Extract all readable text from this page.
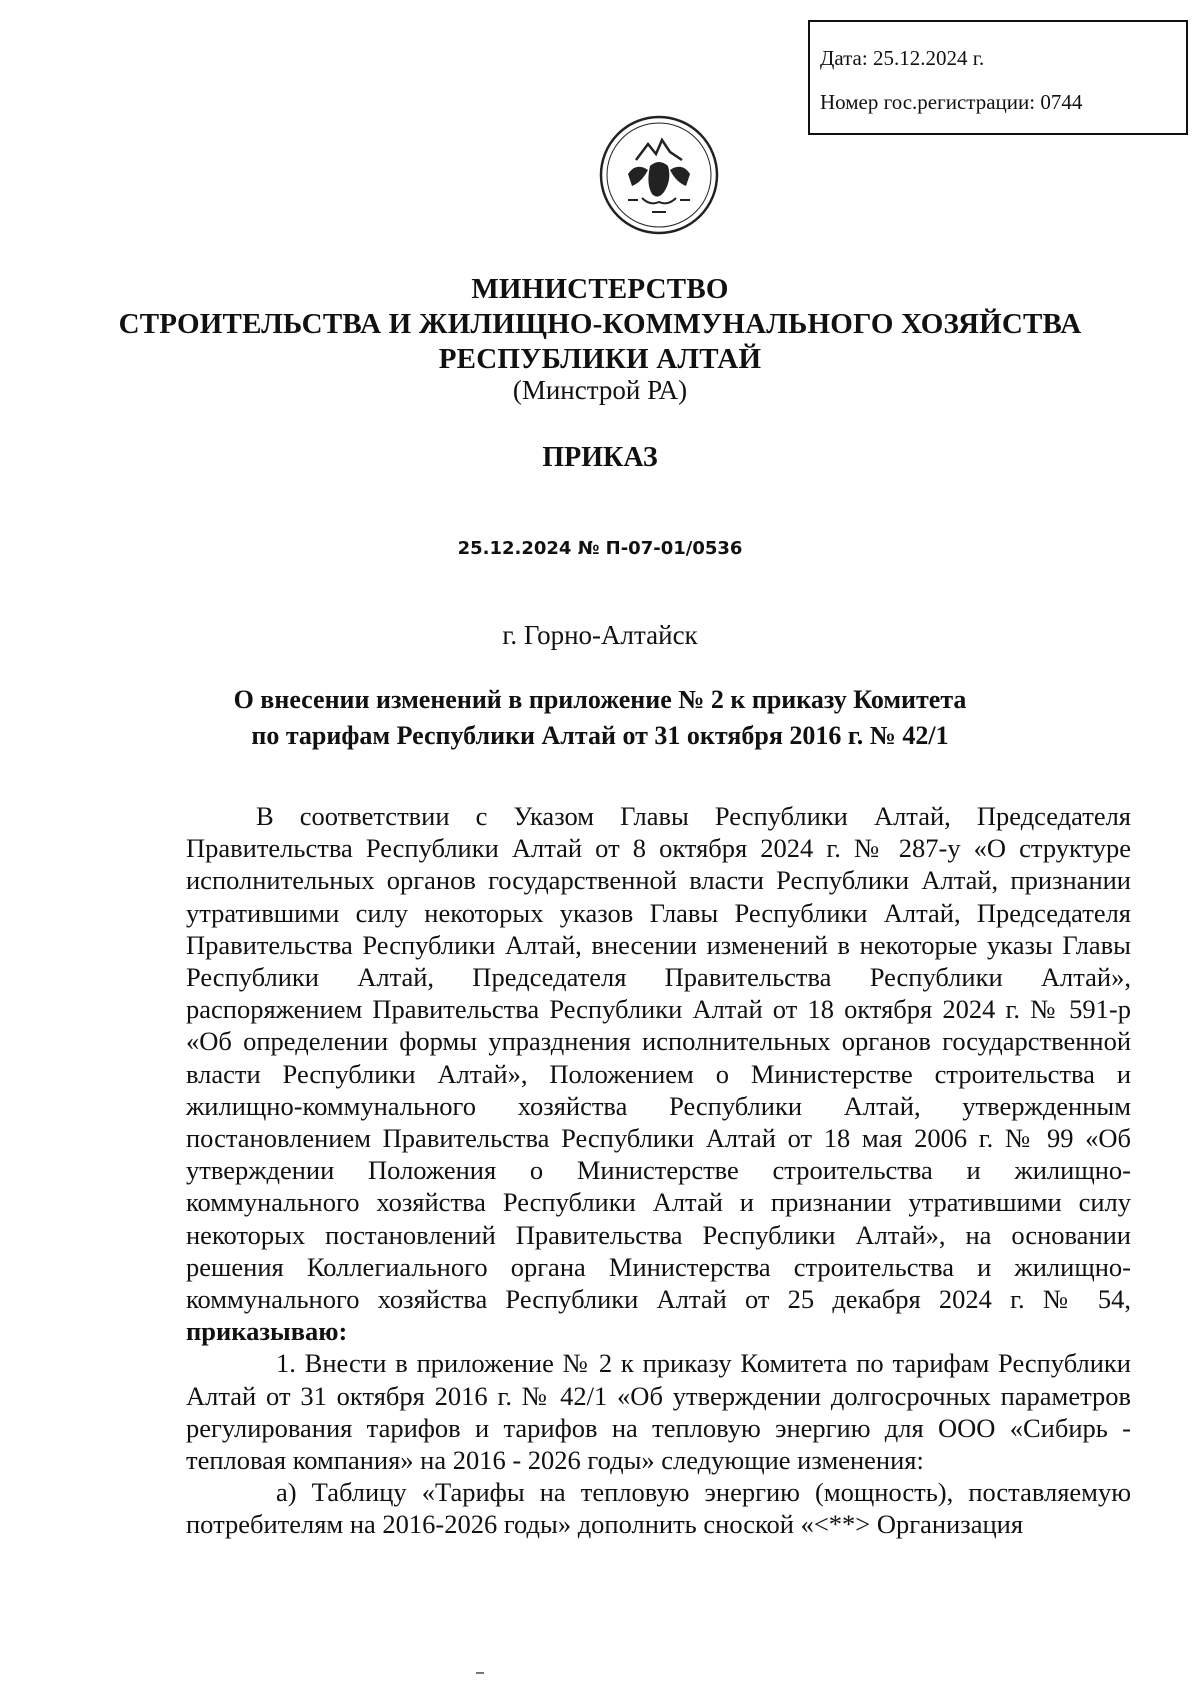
Дата: 25.12.2024 г.
Номер гос.регистрации: 0744
МИНИСТЕРСТВО
СТРОИТЕЛЬСТВА И ЖИЛИЩНО-КОММУНАЛЬНОГО ХОЗЯЙСТВА
РЕСПУБЛИКИ АЛТАЙ
(Минстрой РА)
ПРИКАЗ
25.12.2024 № П-07-01/0536
г. Горно-Алтайск
О внесении изменений в приложение № 2 к приказу Комитета
по тарифам Республики Алтай от 31 октября 2016 г. № 42/1

В соответствии с Указом Главы Республики Алтай, Председателя Правительства Республики Алтай от 8 октября 2024 г. № 287-у «О структуре исполнительных органов государственной власти Республики Алтай, признании утратившими силу некоторых указов Главы Республики Алтай, Председателя Правительства Республики Алтай, внесении изменений в некоторые указы Главы Республики Алтай, Председателя Правительства Республики Алтай», распоряжением Правительства Республики Алтай от 18 октября 2024 г. № 591-р «Об определении формы упразднения исполнительных органов государственной власти Республики Алтай», Положением о Министерстве строительства и жилищно-коммунального хозяйства Республики Алтай, утвержденным постановлением Правительства Республики Алтай от 18 мая 2006 г. № 99 «Об утверждении Положения о Министерстве строительства и жилищно-коммунального хозяйства Республики Алтай и признании утратившими силу некоторых постановлений Правительства Республики Алтай», на основании решения Коллегиального органа Министерства строительства и жилищно-коммунального хозяйства Республики Алтай от 25 декабря 2024 г. № 54, приказываю:

1. Внести в приложение № 2 к приказу Комитета по тарифам Республики Алтай от 31 октября 2016 г. № 42/1 «Об утверждении долгосрочных параметров регулирования тарифов и тарифов на тепловую энергию для ООО «Сибирь - тепловая компания» на 2016 - 2026 годы» следующие изменения:

а) Таблицу «Тарифы на тепловую энергию (мощность), поставляемую потребителям на 2016-2026 годы» дополнить сноской «<**> Организация
